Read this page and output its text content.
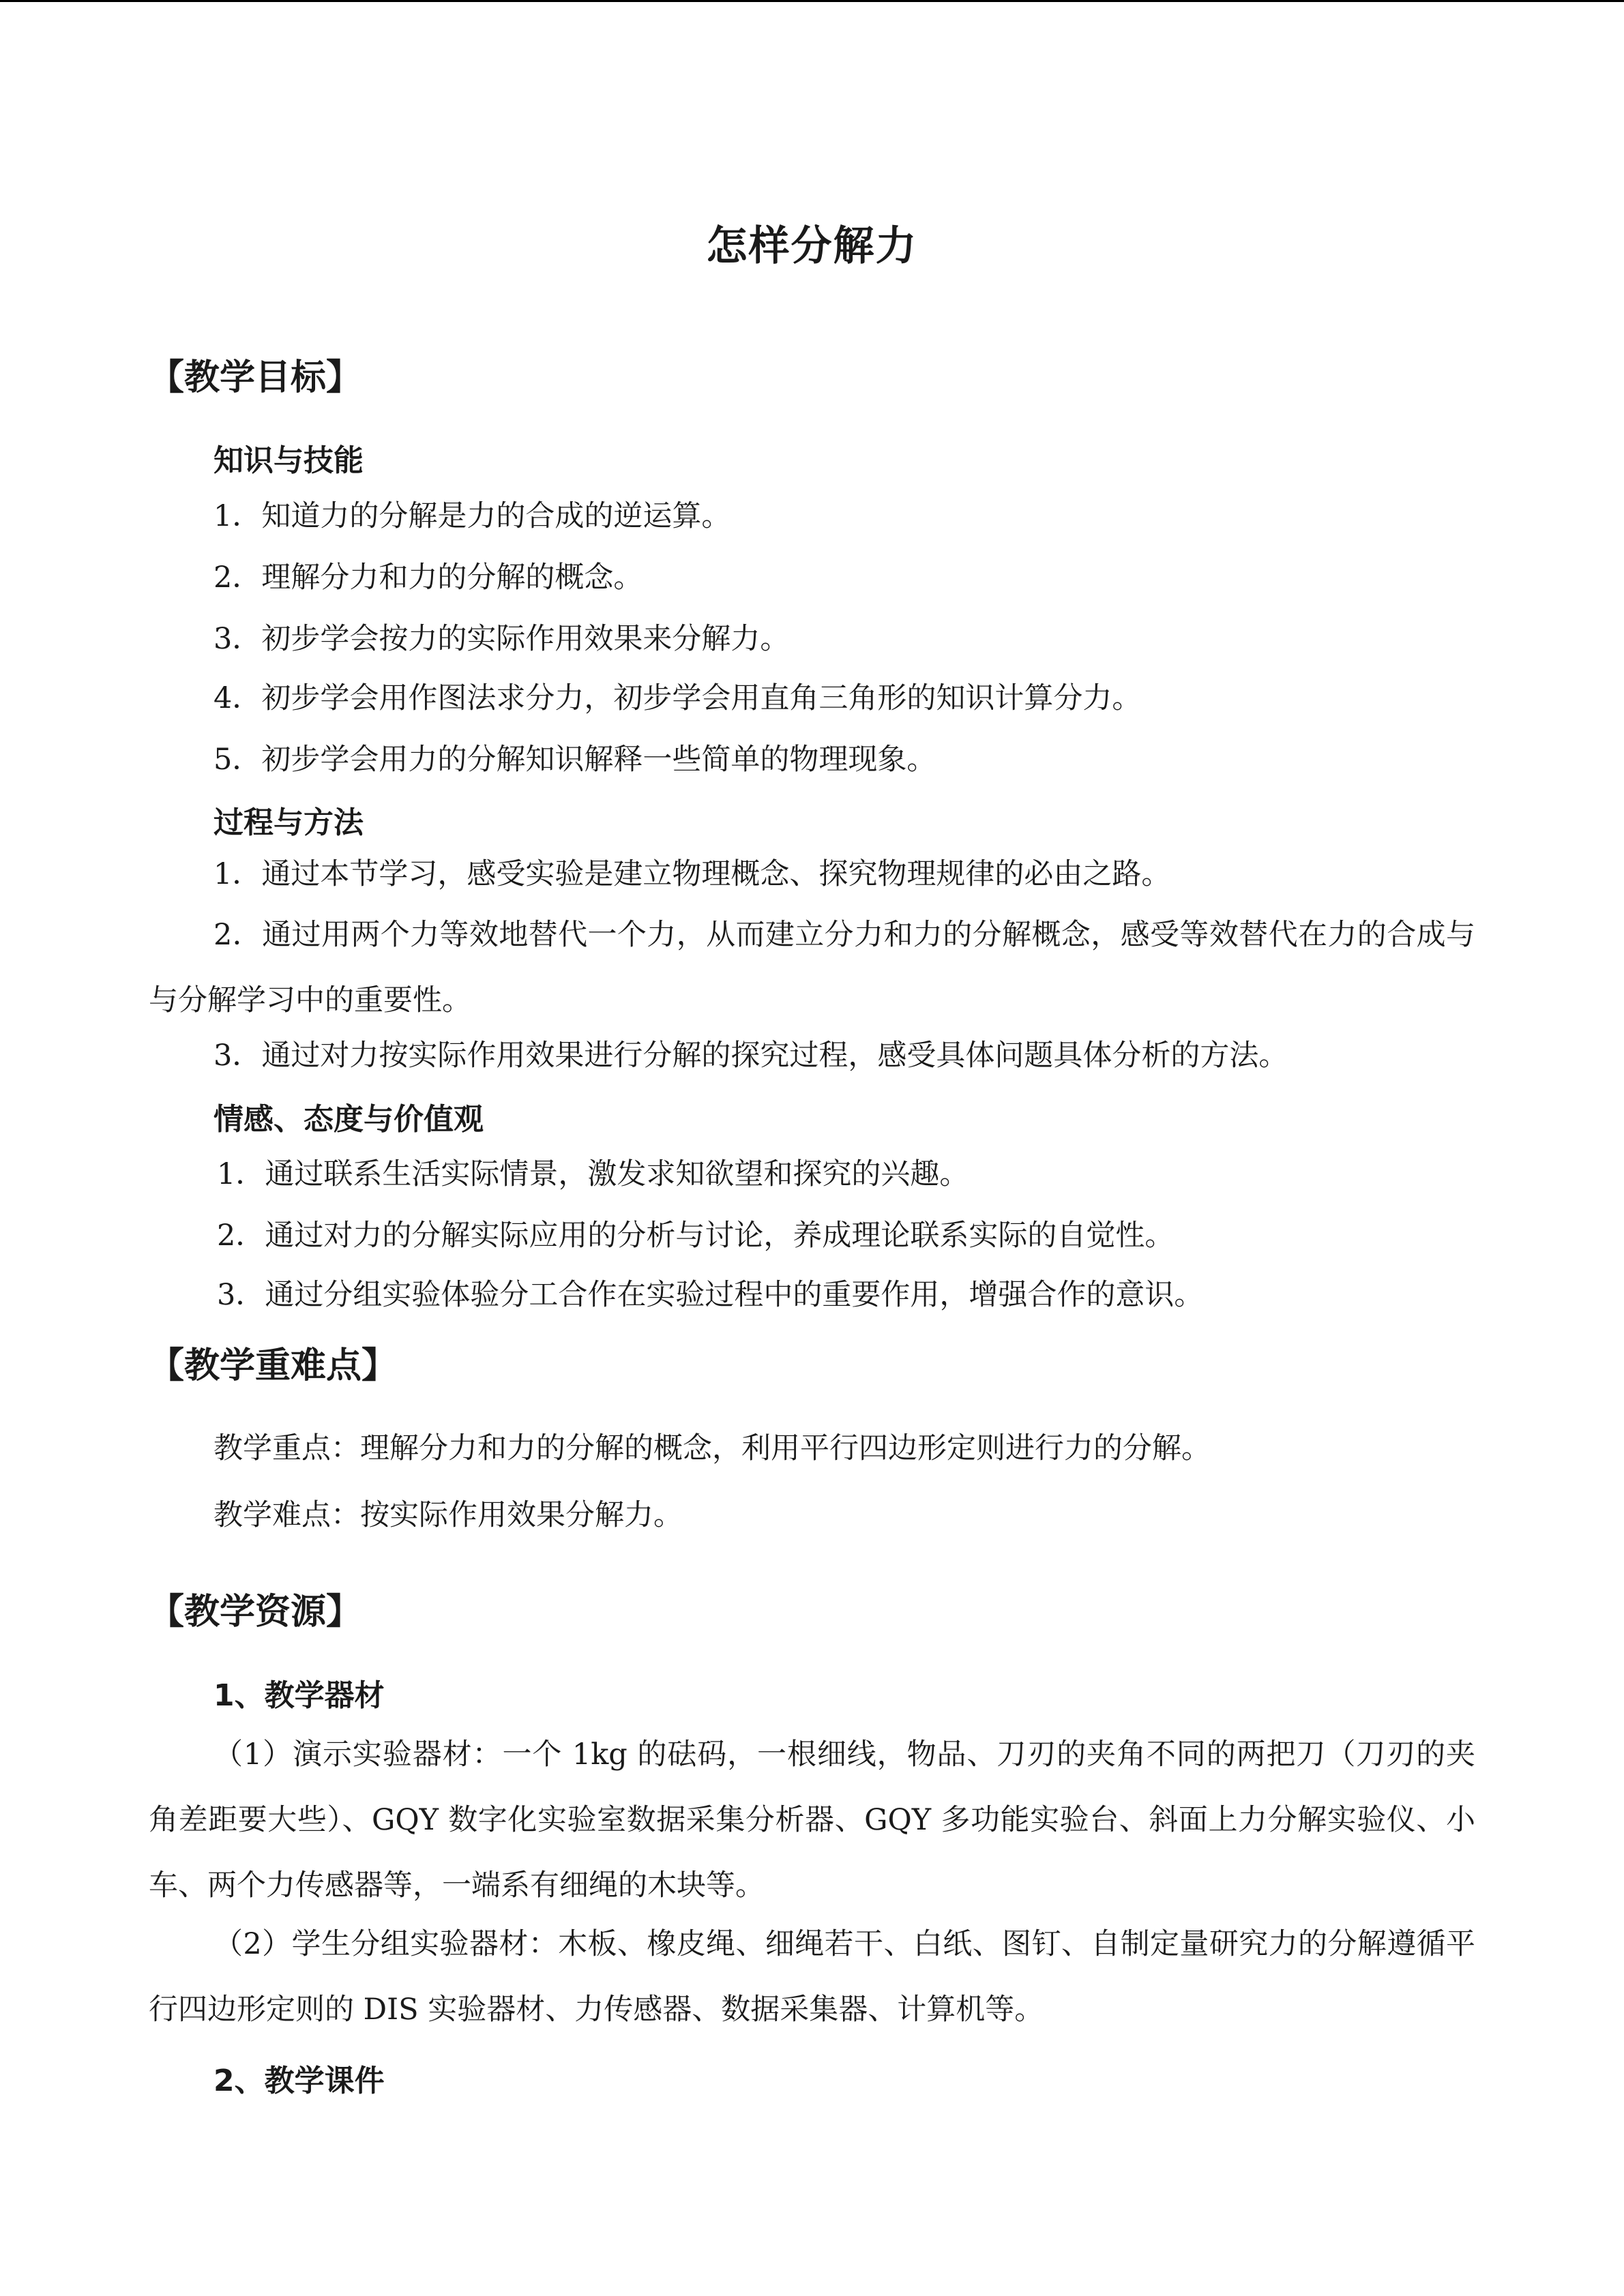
怎样分解力
【教学目标】
知识与技能
1．知道力的分解是力的合成的逆运算。
2．理解分力和力的分解的概念。
3．初步学会按力的实际作用效果来分解力。
4．初步学会用作图法求分力，初步学会用直角三角形的知识计算分力。
5．初步学会用力的分解知识解释一些简单的物理现象。
过程与方法
1．通过本节学习，感受实验是建立物理概念、探究物理规律的必由之路。
2．通过用两个力等效地替代一个力，从而建立分力和力的分解概念，感受等效替代在力的合成与与分解学习中的重要性。
3．通过对力按实际作用效果进行分解的探究过程，感受具体问题具体分析的方法。
情感、态度与价值观
1．通过联系生活实际情景，激发求知欲望和探究的兴趣。
2．通过对力的分解实际应用的分析与讨论，养成理论联系实际的自觉性。
3．通过分组实验体验分工合作在实验过程中的重要作用，增强合作的意识。
【教学重难点】
教学重点：理解分力和力的分解的概念，利用平行四边形定则进行力的分解。
教学难点：按实际作用效果分解力。
【教学资源】
1、教学器材
（1）演示实验器材：一个 1kg 的砝码，一根细线，物品、刀刃的夹角不同的两把刀（刀刃的夹角差距要大些）、GQY 数字化实验室数据采集分析器、GQY 多功能实验台、斜面上力分解实验仪、小车、两个力传感器等，一端系有细绳的木块等。
（2）学生分组实验器材：木板、橡皮绳、细绳若干、白纸、图钉、自制定量研究力的分解遵循平行四边形定则的 DIS 实验器材、力传感器、数据采集器、计算机等。
2、教学课件
